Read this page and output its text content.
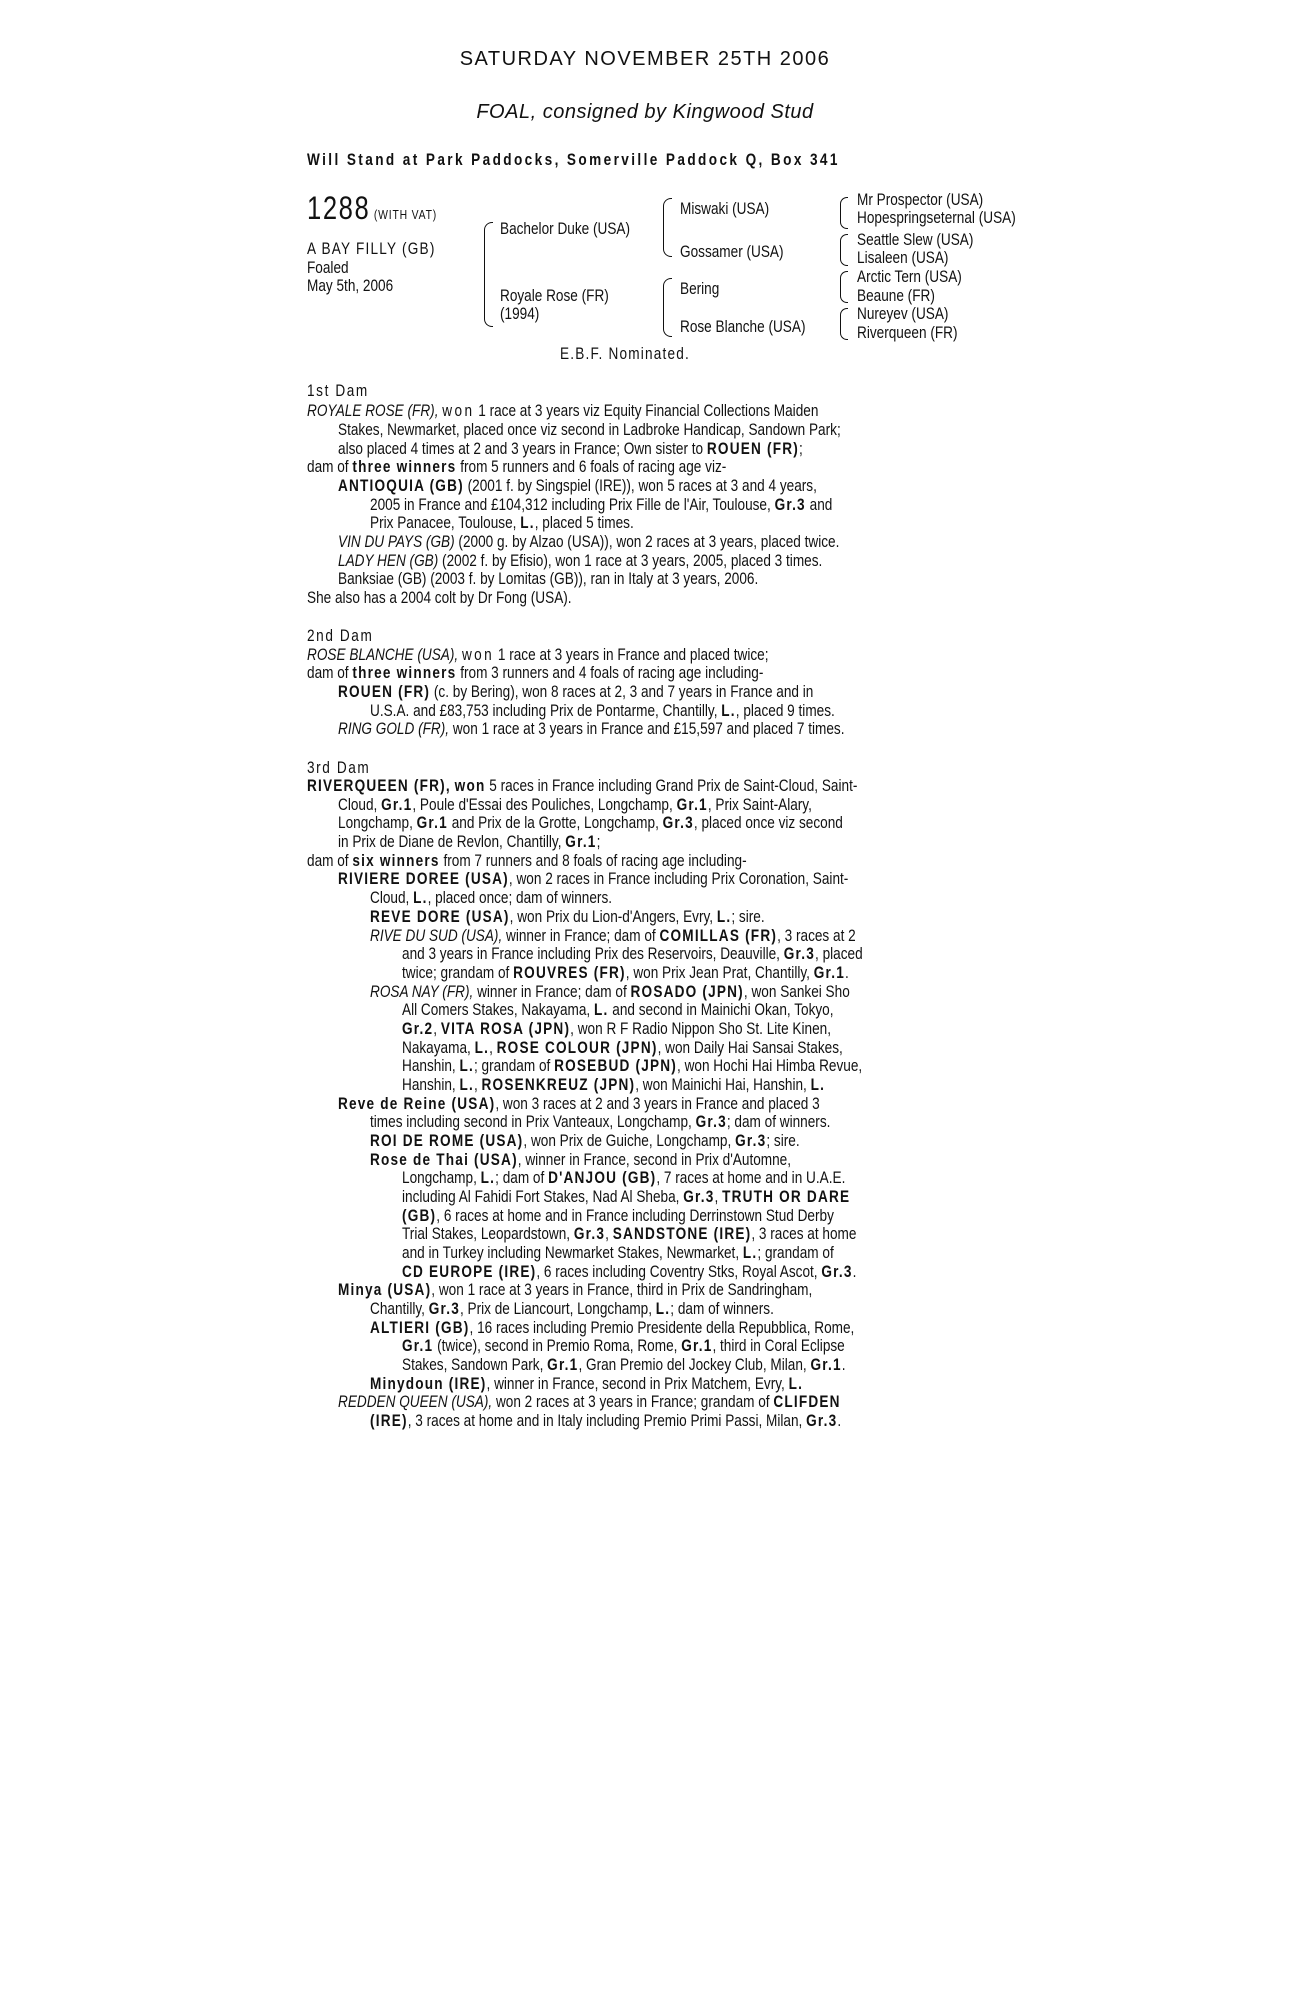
SATURDAY NOVEMBER 25TH 2006
FOAL, consigned by Kingwood Stud
Will Stand at Park Paddocks, Somerville Paddock Q, Box 341
1288 (WITH VAT)
A BAY FILLY (GB)
Foaled
May 5th, 2006
Bachelor Duke (USA)
Royale Rose (FR)
(1994)
Miswaki (USA)
Gossamer (USA)
Bering
Rose Blanche (USA)
Mr Prospector (USA)
Hopespringseternal (USA)
Seattle Slew (USA)
Lisaleen (USA)
Arctic Tern (USA)
Beaune (FR)
Nureyev (USA)
Riverqueen (FR)
E.B.F. Nominated.
1st Dam
ROYALE ROSE (FR), won 1 race at 3 years viz Equity Financial Collections Maiden
Stakes, Newmarket, placed once viz second in Ladbroke Handicap, Sandown Park;
also placed 4 times at 2 and 3 years in France; Own sister to ROUEN (FR);
dam of three winners from 5 runners and 6 foals of racing age viz-
ANTIOQUIA (GB) (2001 f. by Singspiel (IRE)), won 5 races at 3 and 4 years,
2005 in France and £104,312 including Prix Fille de l'Air, Toulouse, Gr.3 and
Prix Panacee, Toulouse, L., placed 5 times.
VIN DU PAYS (GB) (2000 g. by Alzao (USA)), won 2 races at 3 years, placed twice.
LADY HEN (GB) (2002 f. by Efisio), won 1 race at 3 years, 2005, placed 3 times.
Banksiae (GB) (2003 f. by Lomitas (GB)), ran in Italy at 3 years, 2006.
She also has a 2004 colt by Dr Fong (USA).
2nd Dam
ROSE BLANCHE (USA), won 1 race at 3 years in France and placed twice;
dam of three winners from 3 runners and 4 foals of racing age including-
ROUEN (FR) (c. by Bering), won 8 races at 2, 3 and 7 years in France and in
U.S.A. and £83,753 including Prix de Pontarme, Chantilly, L., placed 9 times.
RING GOLD (FR), won 1 race at 3 years in France and £15,597 and placed 7 times.
3rd Dam
RIVERQUEEN (FR), won 5 races in France including Grand Prix de Saint-Cloud, Saint-
Cloud, Gr.1, Poule d'Essai des Pouliches, Longchamp, Gr.1, Prix Saint-Alary,
Longchamp, Gr.1 and Prix de la Grotte, Longchamp, Gr.3, placed once viz second
in Prix de Diane de Revlon, Chantilly, Gr.1;
dam of six winners from 7 runners and 8 foals of racing age including-
RIVIERE DOREE (USA), won 2 races in France including Prix Coronation, Saint-
Cloud, L., placed once; dam of winners.
REVE DORE (USA), won Prix du Lion-d'Angers, Evry, L.; sire.
RIVE DU SUD (USA), winner in France; dam of COMILLAS (FR), 3 races at 2
and 3 years in France including Prix des Reservoirs, Deauville, Gr.3, placed
twice; grandam of ROUVRES (FR), won Prix Jean Prat, Chantilly, Gr.1.
ROSA NAY (FR), winner in France; dam of ROSADO (JPN), won Sankei Sho
All Comers Stakes, Nakayama, L. and second in Mainichi Okan, Tokyo,
Gr.2, VITA ROSA (JPN), won R F Radio Nippon Sho St. Lite Kinen,
Nakayama, L., ROSE COLOUR (JPN), won Daily Hai Sansai Stakes,
Hanshin, L.; grandam of ROSEBUD (JPN), won Hochi Hai Himba Revue,
Hanshin, L., ROSENKREUZ (JPN), won Mainichi Hai, Hanshin, L.
Reve de Reine (USA), won 3 races at 2 and 3 years in France and placed 3
times including second in Prix Vanteaux, Longchamp, Gr.3; dam of winners.
ROI DE ROME (USA), won Prix de Guiche, Longchamp, Gr.3; sire.
Rose de Thai (USA), winner in France, second in Prix d'Automne,
Longchamp, L.; dam of D'ANJOU (GB), 7 races at home and in U.A.E.
including Al Fahidi Fort Stakes, Nad Al Sheba, Gr.3, TRUTH OR DARE
(GB), 6 races at home and in France including Derrinstown Stud Derby
Trial Stakes, Leopardstown, Gr.3, SANDSTONE (IRE), 3 races at home
and in Turkey including Newmarket Stakes, Newmarket, L.; grandam of
CD EUROPE (IRE), 6 races including Coventry Stks, Royal Ascot, Gr.3.
Minya (USA), won 1 race at 3 years in France, third in Prix de Sandringham,
Chantilly, Gr.3, Prix de Liancourt, Longchamp, L.; dam of winners.
ALTIERI (GB), 16 races including Premio Presidente della Repubblica, Rome,
Gr.1 (twice), second in Premio Roma, Rome, Gr.1, third in Coral Eclipse
Stakes, Sandown Park, Gr.1, Gran Premio del Jockey Club, Milan, Gr.1.
Minydoun (IRE), winner in France, second in Prix Matchem, Evry, L.
REDDEN QUEEN (USA), won 2 races at 3 years in France; grandam of CLIFDEN
(IRE), 3 races at home and in Italy including Premio Primi Passi, Milan, Gr.3.
